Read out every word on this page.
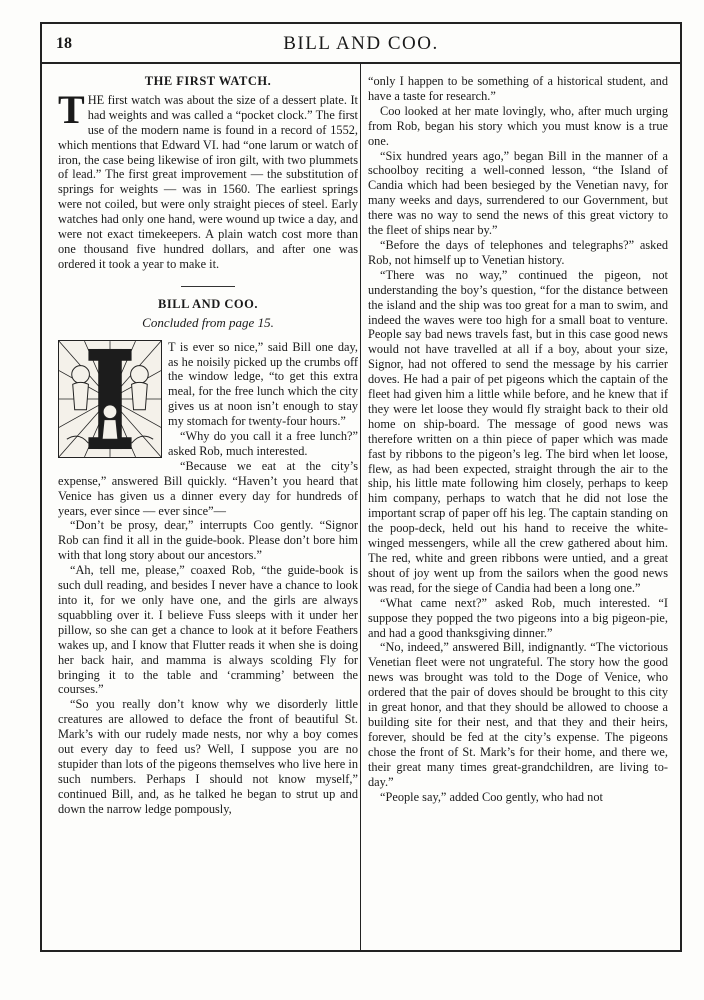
18	BILL AND COO.
THE FIRST WATCH.

THE first watch was about the size of a dessert plate. It had weights and was called a “pocket clock.” The first use of the modern name is found in a record of 1552, which mentions that Edward VI. had “one larum or watch of iron, the case being likewise of iron gilt, with two plummets of lead.” The first great improvement — the substitution of springs for weights — was in 1560. The earliest springs were not coiled, but were only straight pieces of steel. Early watches had only one hand, were wound up twice a day, and were not exact timekeepers. A plain watch cost more than one thousand five hundred dollars, and after one was ordered it took a year to make it.

BILL AND COO.
Concluded from page 15.

T is ever so nice,” said Bill one day, as he noisily picked up the crumbs off the window ledge, “to get this extra meal, for the free lunch which the city gives us at noon isn’t enough to stay my stomach for twenty-four hours.”

“Why do you call it a free lunch?” asked Rob, much interested.

“Because we eat at the city’s expense,” answered Bill quickly. “Haven’t you heard that Venice has given us a dinner every day for hundreds of years, ever since — ever since”—

“Don’t be prosy, dear,” interrupts Coo gently. “Signor Rob can find it all in the guide-book. Please don’t bore him with that long story about our ancestors.”

“Ah, tell me, please,” coaxed Rob, “the guide-book is such dull reading, and besides I never have a chance to look into it, for we only have one, and the girls are always squabbling over it. I believe Fuss sleeps with it under her pillow, so she can get a chance to look at it before Feathers wakes up, and I know that Flutter reads it when she is doing her back hair, and mamma is always scolding Fly for bringing it to the table and ‘cramming’ between the courses.”

“So you really don’t know why we disorderly little creatures are allowed to deface the front of beautiful St. Mark’s with our rudely made nests, nor why a boy comes out every day to feed us? Well, I suppose you are no stupider than lots of the pigeons themselves who live here in such numbers. Perhaps I should not know myself,” continued Bill, and, as he talked he began to strut up and down the narrow ledge pompously,

“only I happen to be something of a historical student, and have a taste for research.”

Coo looked at her mate lovingly, who, after much urging from Rob, began his story which you must know is a true one.

“Six hundred years ago,” began Bill in the manner of a schoolboy reciting a well-conned lesson, “the Island of Candia which had been besieged by the Venetian navy, for many weeks and days, surrendered to our Government, but there was no way to send the news of this great victory to the fleet of ships near by.”

“Before the days of telephones and telegraphs?” asked Rob, not himself up to Venetian history.

“There was no way,” continued the pigeon, not understanding the boy’s question, “for the distance between the island and the ship was too great for a man to swim, and indeed the waves were too high for a small boat to venture. People say bad news travels fast, but in this case good news would not have travelled at all if a boy, about your size, Signor, had not offered to send the message by his carrier doves. He had a pair of pet pigeons which the captain of the fleet had given him a little while before, and he knew that if they were let loose they would fly straight back to their old home on ship-board. The message of good news was therefore written on a thin piece of paper which was made fast by ribbons to the pigeon’s leg. The bird when let loose, flew, as had been expected, straight through the air to the ship, his little mate following him closely, perhaps to keep him company, perhaps to watch that he did not lose the important scrap of paper off his leg. The captain standing on the poop-deck, held out his hand to receive the white-winged messengers, while all the crew gathered about him. The red, white and green ribbons were untied, and a great shout of joy went up from the sailors when the good news was read, for the siege of Candia had been a long one.”

“What came next?” asked Rob, much interested. “I suppose they popped the two pigeons into a big pigeon-pie, and had a good thanksgiving dinner.”

“No, indeed,” answered Bill, indignantly. “The victorious Venetian fleet were not ungrateful. The story how the good news was brought was told to the Doge of Venice, who ordered that the pair of doves should be brought to this city in great honor, and that they should be allowed to choose a building site for their nest, and that they and their heirs, forever, should be fed at the city’s expense. The pigeons chose the front of St. Mark’s for their home, and there we, their great many times great-grandchildren, are living to-day.”

“People say,” added Coo gently, who had not
